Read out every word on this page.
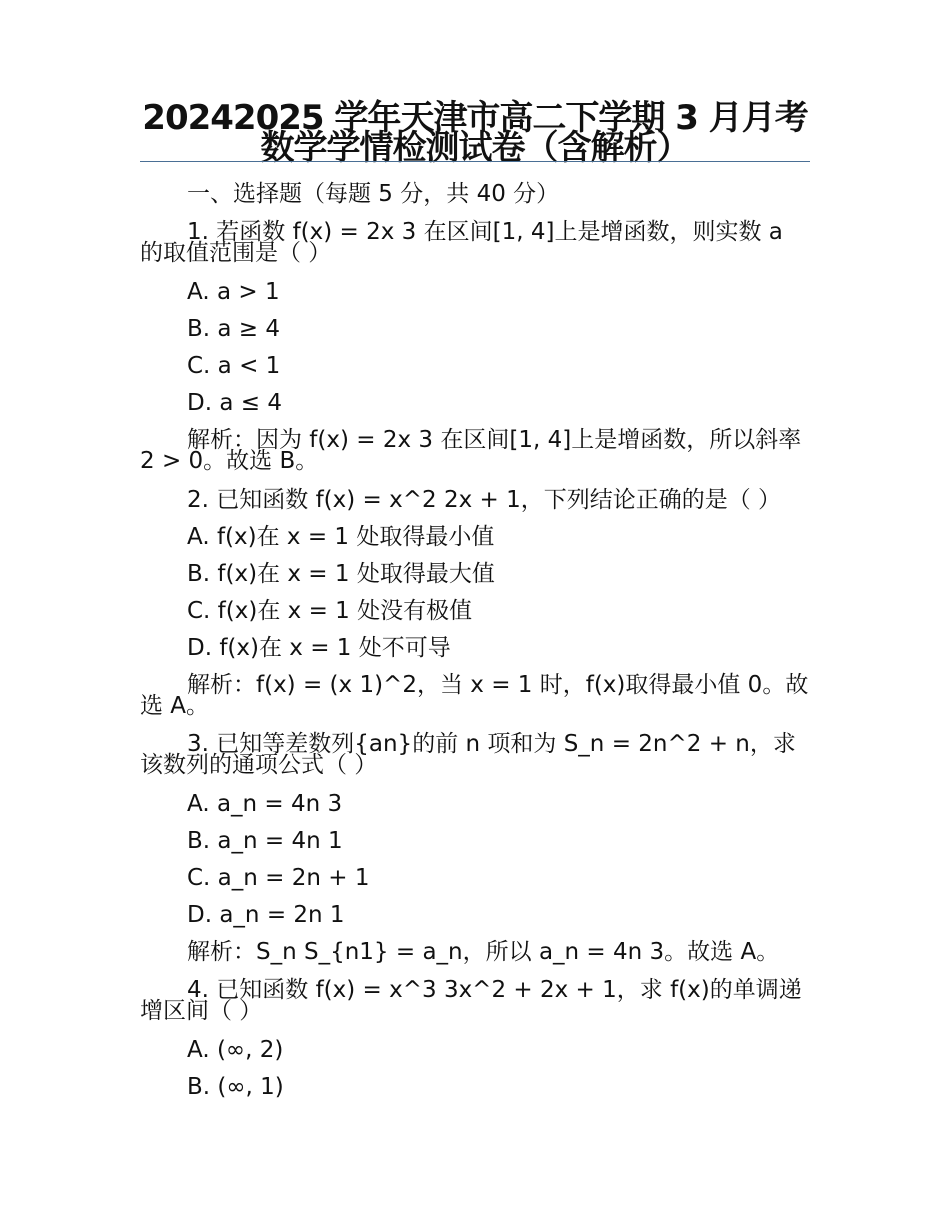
20242025 学年天津市高二下学期 3 月月考数学学情检测试卷（含解析）
一、选择题（每题 5 分，共 40 分）
1. 若函数 f(x) = 2x 3 在区间[1, 4]上是增函数，则实数 a 的取值范围是（ ）
A. a > 1
B. a ≥ 4
C. a < 1
D. a ≤ 4
解析：因为 f(x) = 2x 3 在区间[1, 4]上是增函数，所以斜率 2 > 0。故选 B。
2. 已知函数 f(x) = x^2 2x + 1，下列结论正确的是（ ）
A. f(x)在 x = 1 处取得最小值
B. f(x)在 x = 1 处取得最大值
C. f(x)在 x = 1 处没有极值
D. f(x)在 x = 1 处不可导
解析：f(x) = (x 1)^2，当 x = 1 时，f(x)取得最小值 0。故选 A。
3. 已知等差数列{an}的前 n 项和为 S_n = 2n^2 + n，求该数列的通项公式（ ）
A. a_n = 4n 3
B. a_n = 4n 1
C. a_n = 2n + 1
D. a_n = 2n 1
解析：S_n S_{n1} = a_n，所以 a_n = 4n 3。故选 A。
4. 已知函数 f(x) = x^3 3x^2 + 2x + 1，求 f(x)的单调递增区间（ ）
A. (∞, 2)
B. (∞, 1)
